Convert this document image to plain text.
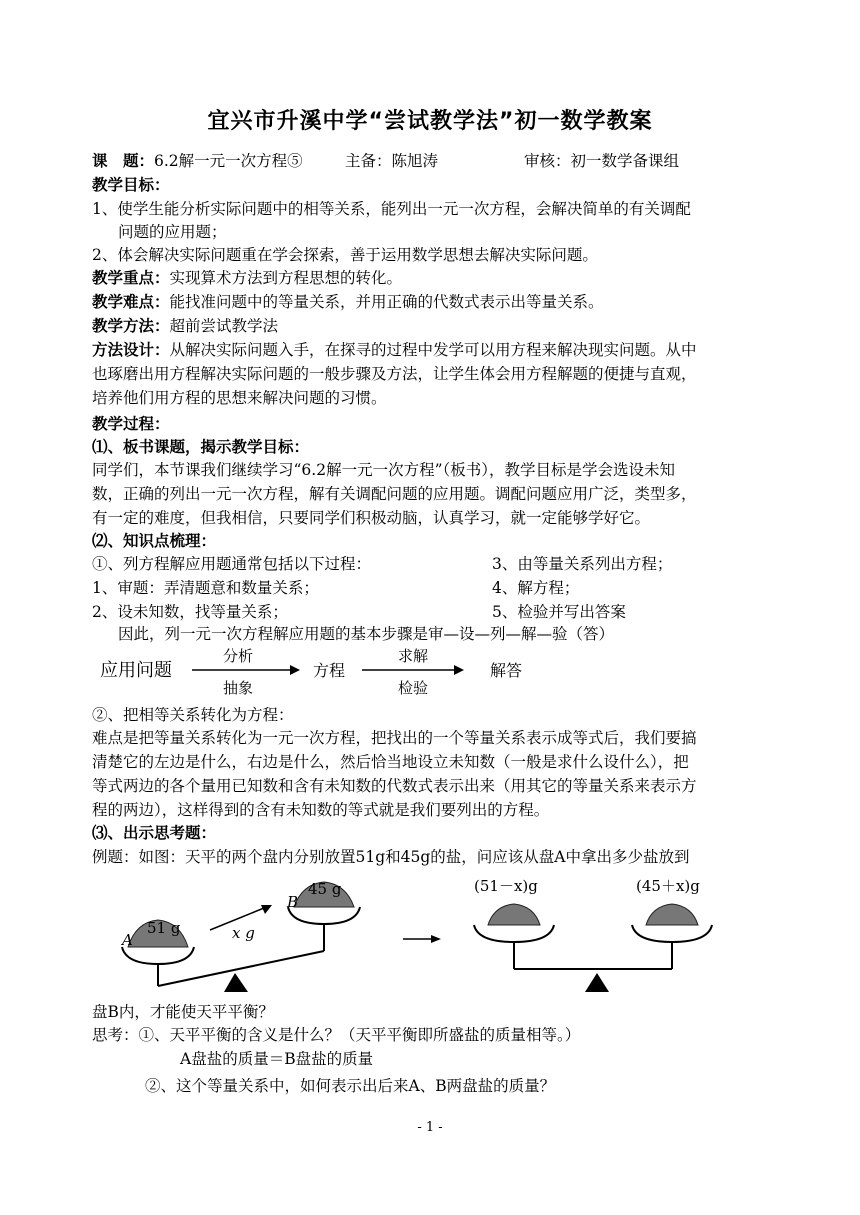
宜兴市升溪中学“尝试教学法”初一数学教案
课　题：6.2解一元一次方程⑤	主备：陈旭涛	审核：初一数学备课组
教学目标：
1、使学生能分析实际问题中的相等关系，能列出一元一次方程，会解决简单的有关调配
问题的应用题；
2、体会解决实际问题重在学会探索，善于运用数学思想去解决实际问题。
教学重点：实现算术方法到方程思想的转化。
教学难点：能找准问题中的等量关系，并用正确的代数式表示出等量关系。
教学方法：超前尝试教学法
方法设计：从解决实际问题入手，在探寻的过程中发学可以用方程来解决现实问题。从中
也琢磨出用方程解决实际问题的一般步骤及方法，让学生体会用方程解题的便捷与直观，
培养他们用方程的思想来解决问题的习惯。
教学过程：
⑴、板书课题，揭示教学目标：
同学们，本节课我们继续学习“6.2解一元一次方程”（板书），教学目标是学会选设未知
数，正确的列出一元一次方程，解有关调配问题的应用题。调配问题应用广泛，类型多，
有一定的难度，但我相信，只要同学们积极动脑，认真学习，就一定能够学好它。
⑵、知识点梳理：
①、列方程解应用题通常包括以下过程：	3、由等量关系列出方程；
1、审题：弄清题意和数量关系；	4、解方程；
2、设未知数，找等量关系；	5、检验并写出答案
因此，列一元一次方程解应用题的基本步骤是审—设—列—解—验（答）
应用问题
分析
抽象
方程
求解
检验
解答
②、把相等关系转化为方程：
难点是把等量关系转化为一元一次方程，把找出的一个等量关系表示成等式后，我们要搞
清楚它的左边是什么，右边是什么，然后恰当地设立未知数（一般是求什么设什么），把
等式两边的各个量用已知数和含有未知数的代数式表示出来（用其它的等量关系来表示方
程的两边），这样得到的含有未知数的等式就是我们要列出的方程。
⑶、出示思考题：
例题：如图：天平的两个盘内分别放置51g和45g的盐，问应该从盘A中拿出多少盐放到
A
51 g
B
45 g
x g
(51－x)g	(45＋x)g
盘B内，才能使天平平衡？
思考：①、天平平衡的含义是什么？（天平平衡即所盛盐的质量相等。）
A盘盐的质量＝B盘盐的质量
②、这个等量关系中，如何表示出后来A、B两盘盐的质量？
- 1 -
